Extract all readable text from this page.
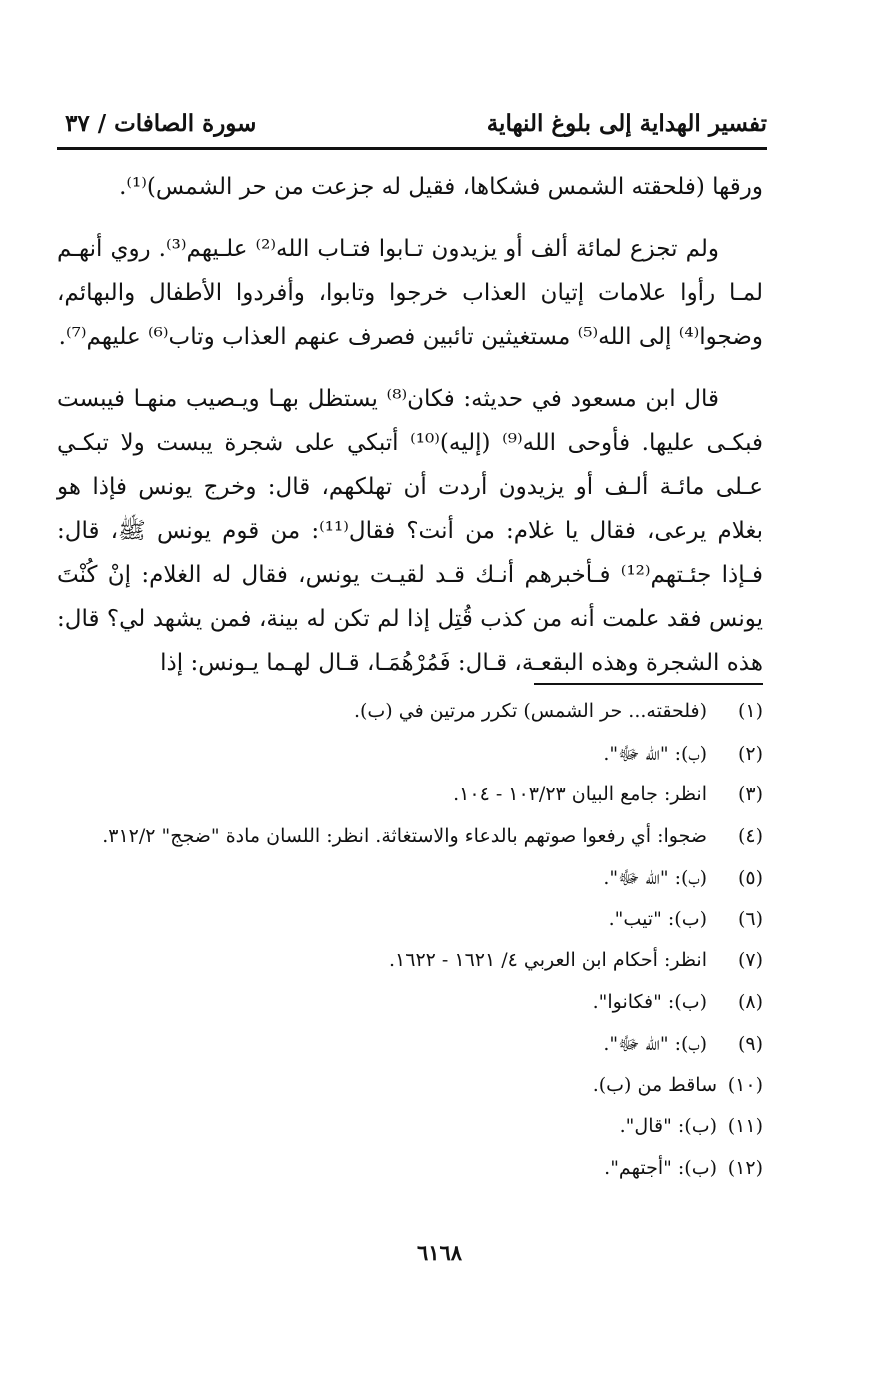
تفسير الهداية إلى بلوغ النهاية
سورة الصافات / ٣٧

ورقها (فلحقته الشمس فشكاها، فقيل له جزعت من حر الشمس)⁽¹⁾.

ولم تجزع لمائة ألف أو يزيدون تـابوا فتـاب الله⁽²⁾ علـيهم⁽³⁾. روي أنهـم لمـا رأوا علامات إتيان العذاب خرجوا وتابوا، وأفردوا الأطفال والبهائم، وضجوا⁽⁴⁾ إلى الله⁽⁵⁾ مستغيثين تائبين فصرف عنهم العذاب وتاب⁽⁶⁾ عليهم⁽⁷⁾.

قال ابن مسعود في حديثه: فكان⁽⁸⁾ يستظل بهـا ويـصيب منهـا فيبست فبكـى عليها. فأوحى الله⁽⁹⁾ (إليه)⁽¹⁰⁾ أتبكي على شجرة يبست ولا تبكـي عـلى مائـة ألـف أو يزيدون أردت أن تهلكهم، قال: وخرج يونس فإذا هو بغلام يرعى، فقال يا غلام: من أنت؟ فقال⁽¹¹⁾: من قوم يونس ﷺ، قال: فـإذا جئـتهم⁽¹²⁾ فـأخبرهم أنـك قـد لقيـت يونس، فقال له الغلام: إنْ كُنْتَ يونس فقد علمت أنه من كذب قُتِل إذا لم تكن له بينة، فمن يشهد لي؟ قال: هذه الشجرة وهذه البقعـة، قـال: فَمُرْهُمَـا، قـال لهـما يـونس: إذا

(١)
(فلحقته... حر الشمس) تكرر مرتين في (ب).
(٢)
(ب): "الله ﷻ".
(٣)
انظر: جامع البيان ١٠٣/٢٣ - ١٠٤.
(٤)
ضجوا: أي رفعوا صوتهم بالدعاء والاستغاثة. انظر: اللسان مادة "ضجج" ٣١٢/٢.
(٥)
(ب): "الله ﷻ".
(٦)
(ب): "تيب".
(٧)
انظر: أحكام ابن العربي ٤/ ١٦٢١ - ١٦٢٢.
(٨)
(ب): "فكانوا".
(٩)
(ب): "الله ﷻ".
(١٠)
ساقط من (ب).
(١١)
(ب): "قال".
(١٢)
(ب): "أجتهم".
٦١٦٨
